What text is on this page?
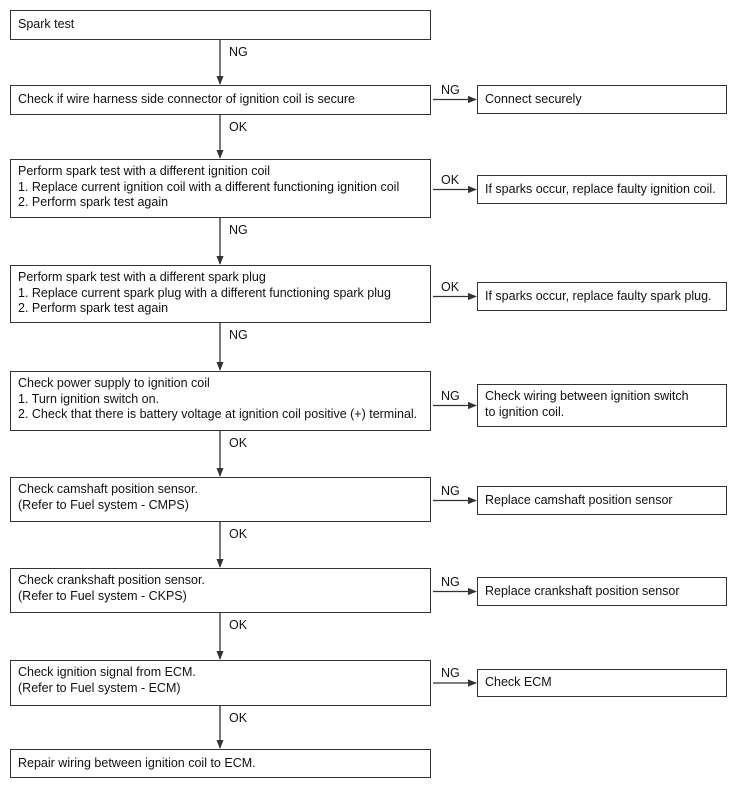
Spark test
Check if wire harness side connector of ignition coil is secure
Perform spark test with a different ignition coil
1. Replace current ignition coil with a different functioning ignition coil
2. Perform spark test again
Perform spark test with a different spark plug
1. Replace current spark plug with a different functioning spark plug
2. Perform spark test again
Check power supply to ignition coil
1. Turn ignition switch on.
2. Check that there is battery voltage at ignition coil positive (+) terminal.
Check camshaft position sensor.
(Refer to Fuel system - CMPS)
Check crankshaft position sensor.
(Refer to Fuel system - CKPS)
Check ignition signal from ECM.
(Refer to Fuel system - ECM)
Repair wiring between ignition coil to ECM.
NG
OK
NG
NG
OK
OK
OK
OK
Connect securely
NG
If sparks occur, replace faulty ignition coil.
OK
If sparks occur, replace faulty spark plug.
OK
Check wiring between ignition switch
to ignition coil.
NG
Replace camshaft position sensor
NG
Replace crankshaft position sensor
NG
Check ECM
NG
